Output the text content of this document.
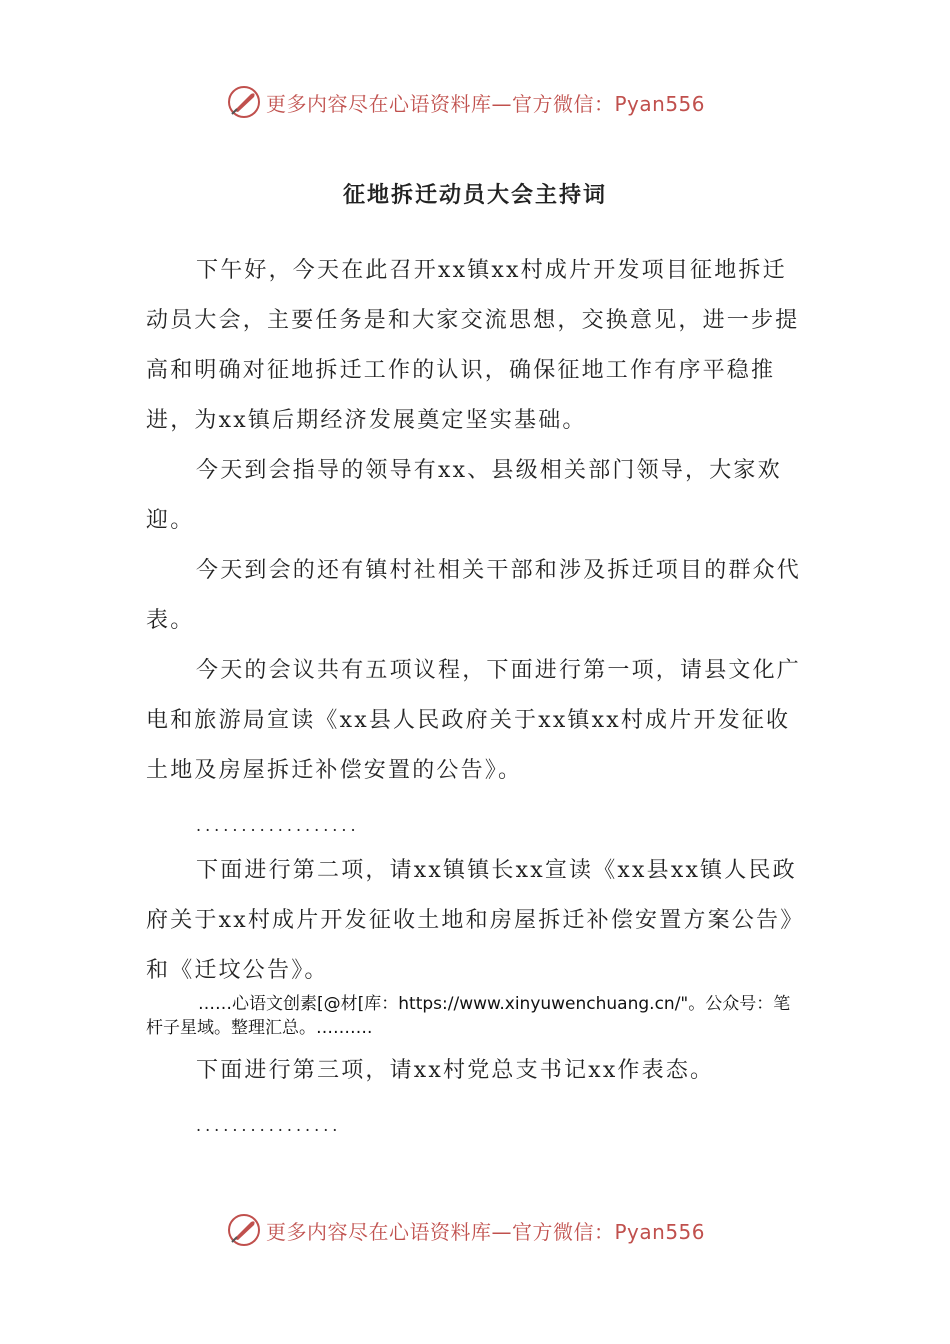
更多内容尽在心语资料库—官方微信：Pyan556
征地拆迁动员大会主持词

下午好，今天在此召开xx镇xx村成片开发项目征地拆迁动员大会，主要任务是和大家交流思想，交换意见，进一步提高和明确对征地拆迁工作的认识，确保征地工作有序平稳推进，为xx镇后期经济发展奠定坚实基础。

今天到会指导的领导有xx、县级相关部门领导，大家欢迎。

今天到会的还有镇村社相关干部和涉及拆迁项目的群众代表。

今天的会议共有五项议程，下面进行第一项，请县文化广电和旅游局宣读《xx县人民政府关于xx镇xx村成片开发征收土地及房屋拆迁补偿安置的公告》。

..................

下面进行第二项，请xx镇镇长xx宣读《xx县xx镇人民政府关于xx村成片开发征收土地和房屋拆迁补偿安置方案公告》和《迁坟公告》。

……心语文创素[@材[库：https://www.xinyuwenchuang.cn/"。公众号：笔杆子星域。整理汇总。……….

下面进行第三项，请xx村党总支书记xx作表态。

................

更多内容尽在心语资料库—官方微信：Pyan556
